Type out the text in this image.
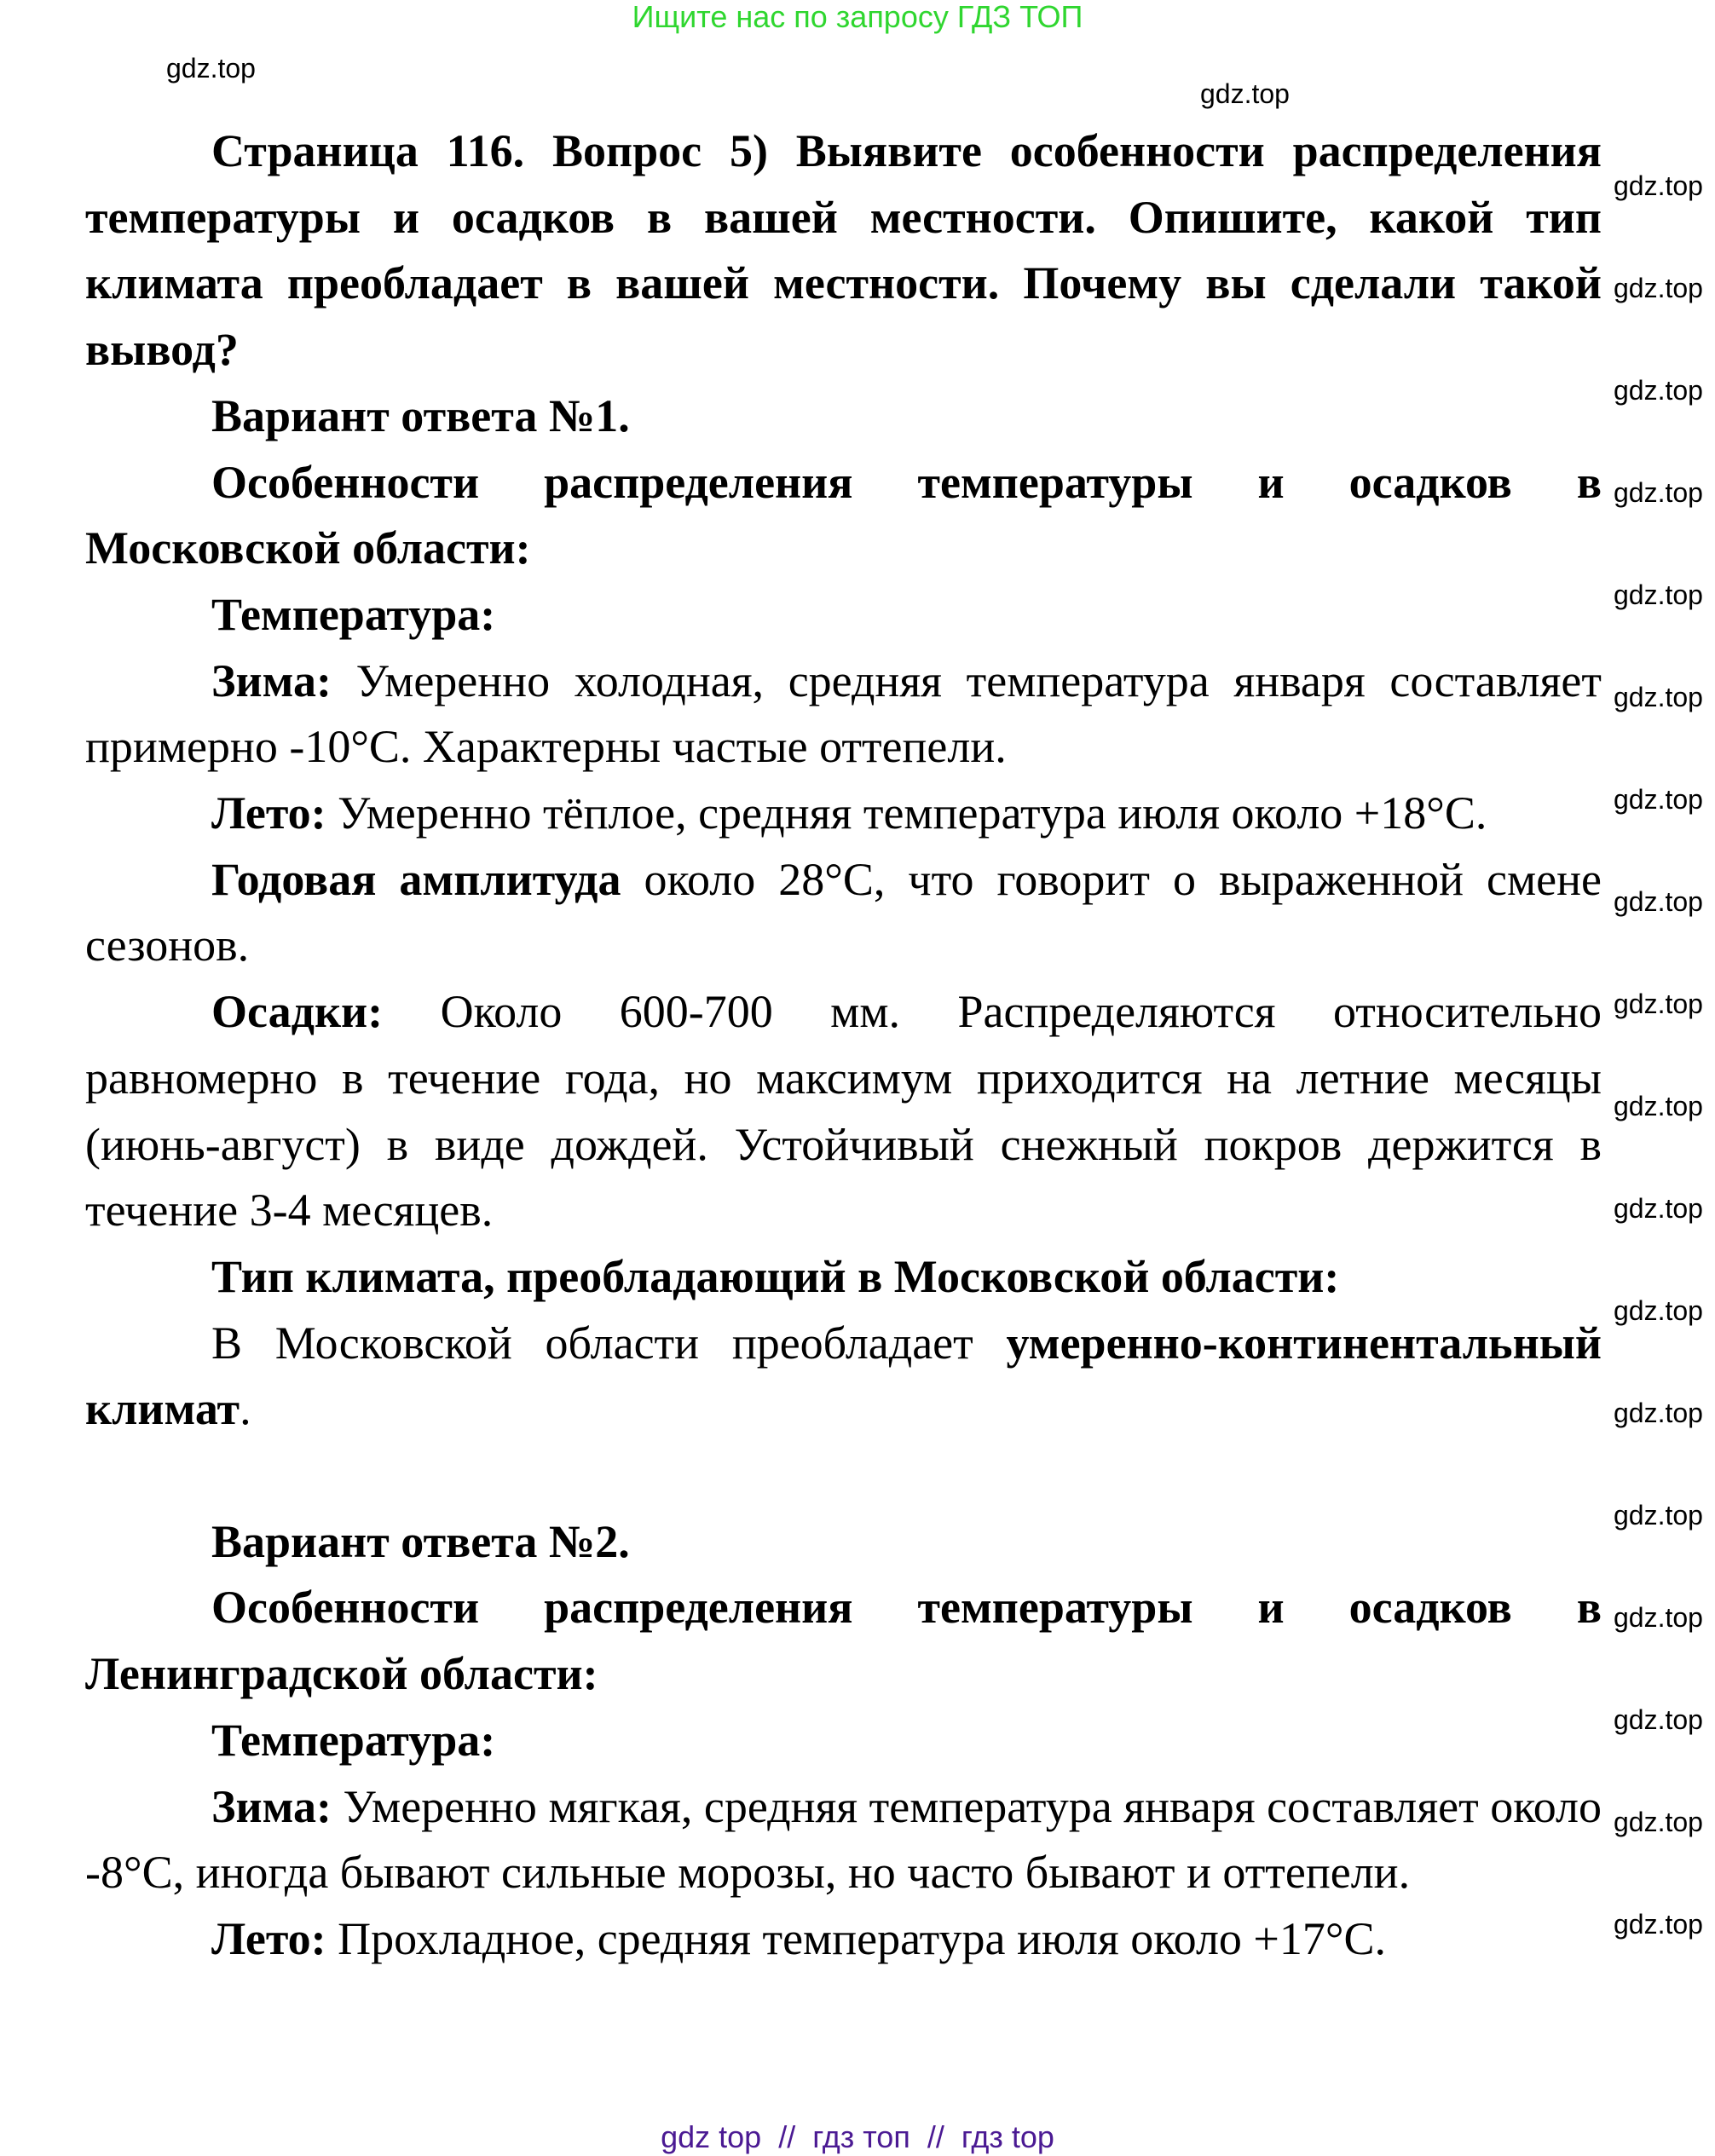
Ищите нас по запросу ГДЗ ТОП

Страница 116. Вопрос 5) Выявите особенности распределения температуры и осадков в вашей местности. Опишите, какой тип климата преобладает в вашей местности. Почему вы сделали такой вывод?

Вариант ответа №1.

Особенности распределения температуры и осадков в Московской области:

Температура:

Зима: Умеренно холодная, средняя температура января составляет примерно -10°С. Характерны частые оттепели.

Лето: Умеренно тёплое, средняя температура июля около +18°С.

Годовая амплитуда около 28°С, что говорит о выраженной смене сезонов.

Осадки: Около 600-700 мм. Распределяются относительно равномерно в течение года, но максимум приходится на летние месяцы (июнь-август) в виде дождей. Устойчивый снежный покров держится в течение 3-4 месяцев.

Тип климата, преобладающий в Московской области:

В Московской области преобладает умеренно-континентальный климат.

Вариант ответа №2.

Особенности распределения температуры и осадков в Ленинградской области:

Температура:

Зима: Умеренно мягкая, средняя температура января составляет около -8°С, иногда бывают сильные морозы, но часто бывают и оттепели.

Лето: Прохладное, средняя температура июля около +17°С.

gdz.top
gdz.top
gdz.top
gdz.top
gdz.top
gdz.top
gdz.top
gdz.top
gdz.top
gdz.top
gdz.top
gdz.top
gdz.top
gdz.top
gdz.top
gdz.top
gdz.top
gdz.top
gdz.top
gdz.top
gdz top  //  гдз топ  //  гдз top
